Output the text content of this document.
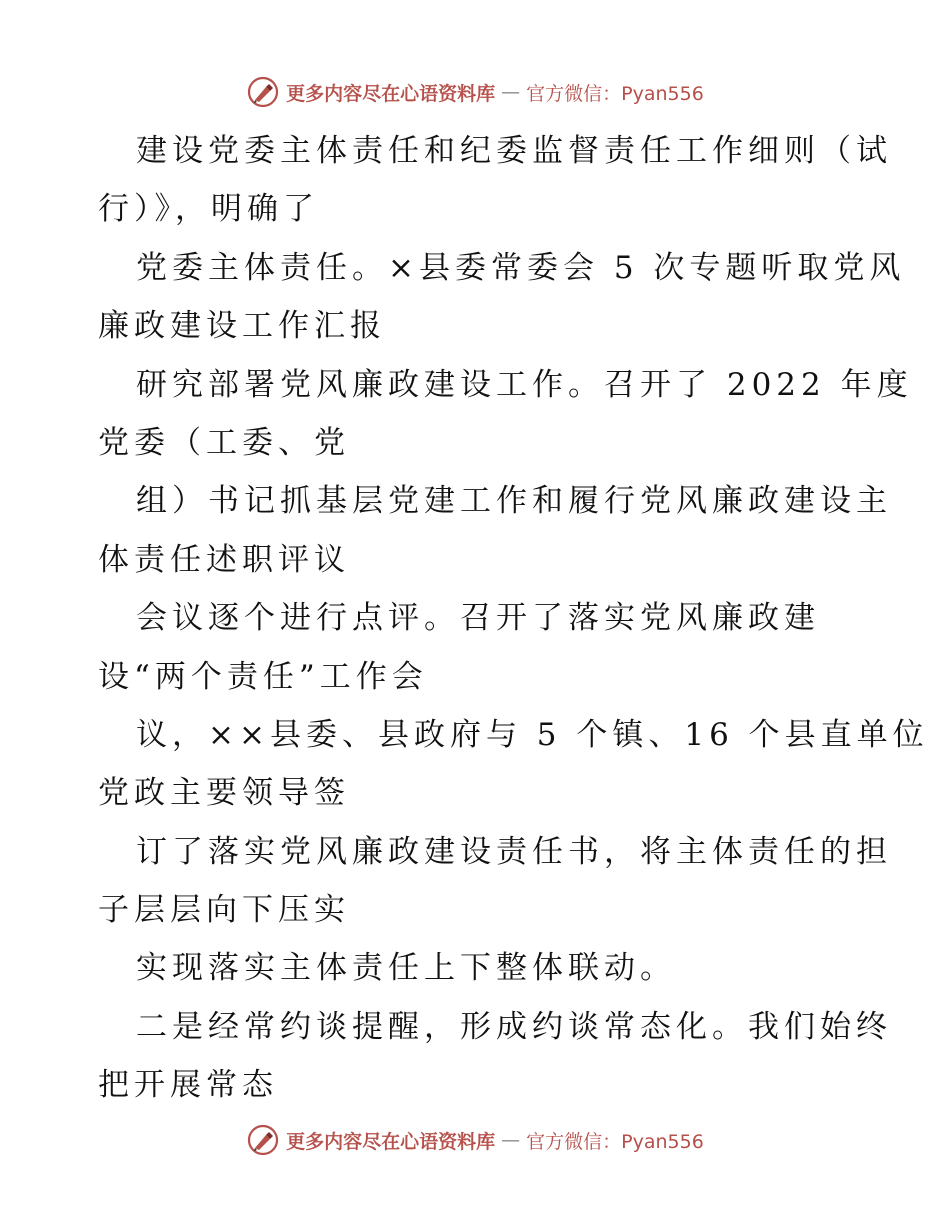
更多内容尽在心语资料库 — 官方微信：Pyan556
建设党委主体责任和纪委监督责任工作细则（试
行）》，明确了
党委主体责任。×县委常委会 5 次专题听取党风
廉政建设工作汇报
研究部署党风廉政建设工作。召开了 2022 年度
党委（工委、党
组）书记抓基层党建工作和履行党风廉政建设主
体责任述职评议
会议逐个进行点评。召开了落实党风廉政建
设“两个责任”工作会
议，××县委、县政府与 5 个镇、16 个县直单位
党政主要领导签
订了落实党风廉政建设责任书，将主体责任的担
子层层向下压实
实现落实主体责任上下整体联动。
二是经常约谈提醒，形成约谈常态化。我们始终
把开展常态
更多内容尽在心语资料库 — 官方微信：Pyan556
